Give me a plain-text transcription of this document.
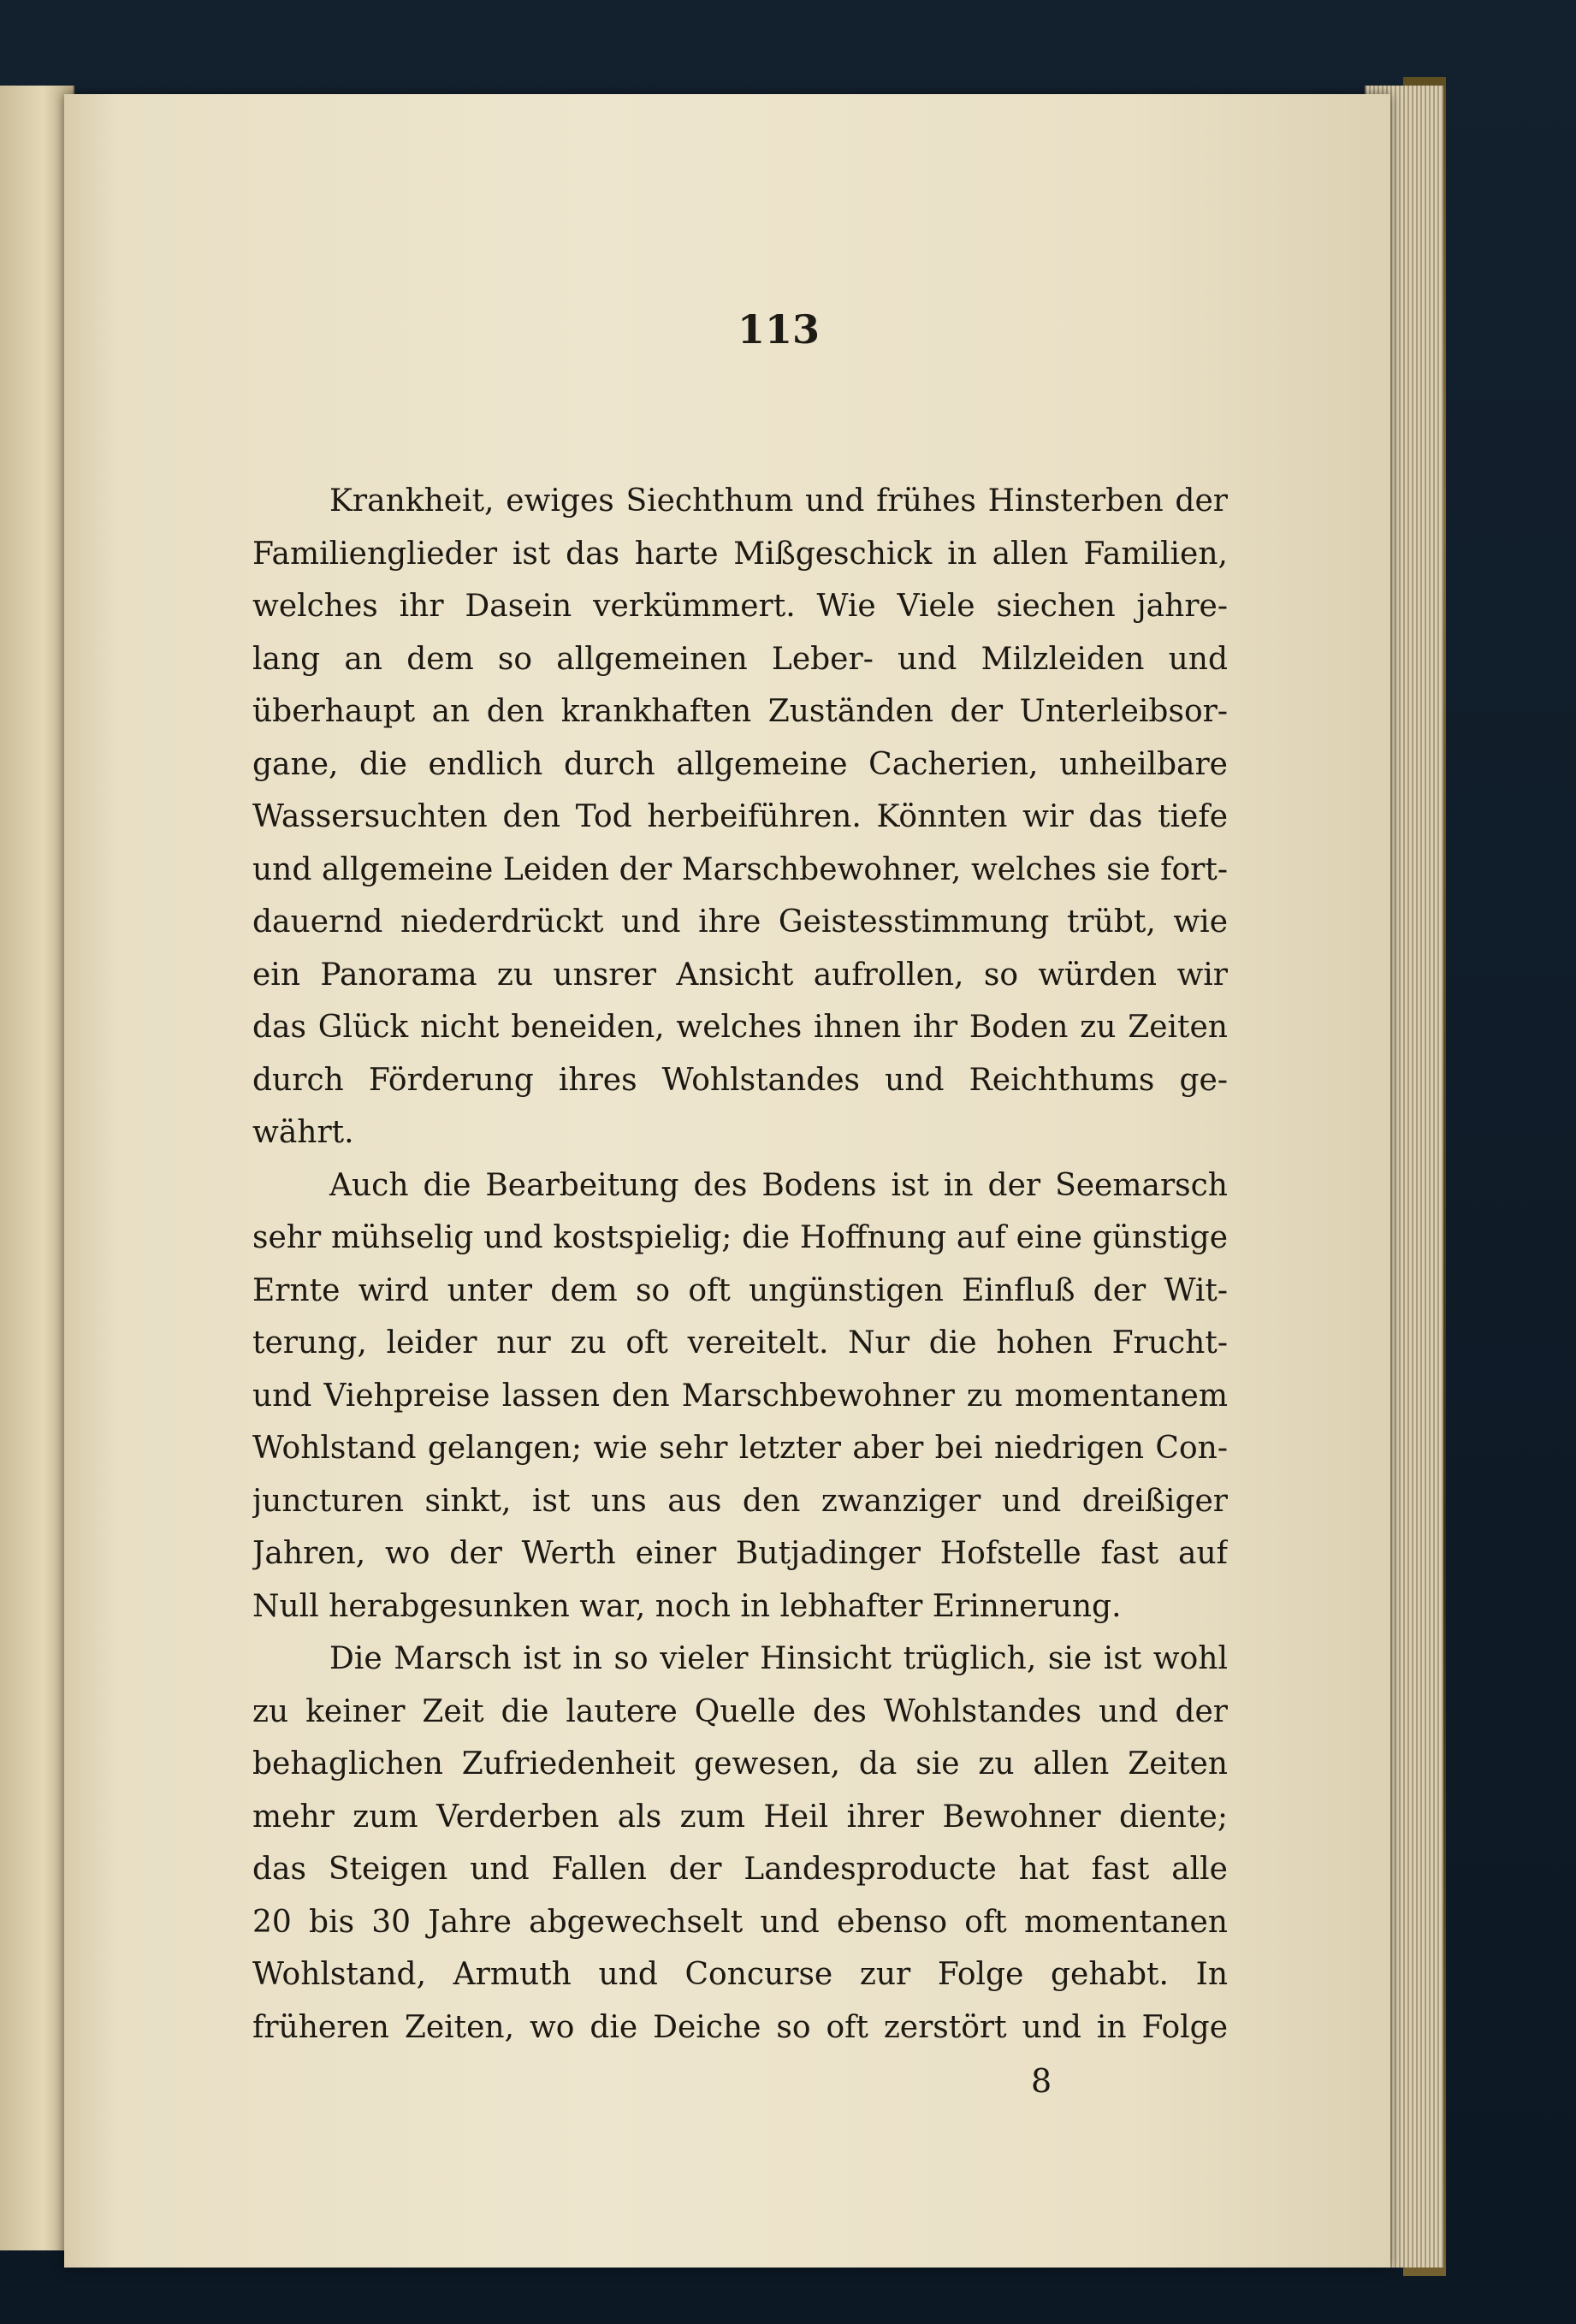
113
Krankheit, ewiges Siechthum und frühes Hinsterben der
Familienglieder ist das harte Mißgeschick in allen Familien,
welches ihr Dasein verkümmert. Wie Viele siechen jahre-
lang an dem so allgemeinen Leber- und Milzleiden und
überhaupt an den krankhaften Zuständen der Unterleibsor-
gane, die endlich durch allgemeine Cacherien, unheilbare
Wassersuchten den Tod herbeiführen. Könnten wir das tiefe
und allgemeine Leiden der Marschbewohner, welches sie fort-
dauernd niederdrückt und ihre Geistesstimmung trübt, wie
ein Panorama zu unsrer Ansicht aufrollen, so würden wir
das Glück nicht beneiden, welches ihnen ihr Boden zu Zeiten
durch Förderung ihres Wohlstandes und Reichthums ge-
währt.
Auch die Bearbeitung des Bodens ist in der Seemarsch
sehr mühselig und kostspielig; die Hoffnung auf eine günstige
Ernte wird unter dem so oft ungünstigen Einfluß der Wit-
terung, leider nur zu oft vereitelt. Nur die hohen Frucht-
und Viehpreise lassen den Marschbewohner zu momentanem
Wohlstand gelangen; wie sehr letzter aber bei niedrigen Con-
juncturen sinkt, ist uns aus den zwanziger und dreißiger
Jahren, wo der Werth einer Butjadinger Hofstelle fast auf
Null herabgesunken war, noch in lebhafter Erinnerung.
Die Marsch ist in so vieler Hinsicht trüglich, sie ist wohl
zu keiner Zeit die lautere Quelle des Wohlstandes und der
behaglichen Zufriedenheit gewesen, da sie zu allen Zeiten
mehr zum Verderben als zum Heil ihrer Bewohner diente;
das Steigen und Fallen der Landesproducte hat fast alle
20 bis 30 Jahre abgewechselt und ebenso oft momentanen
Wohlstand, Armuth und Concurse zur Folge gehabt. In
früheren Zeiten, wo die Deiche so oft zerstört und in Folge
8
